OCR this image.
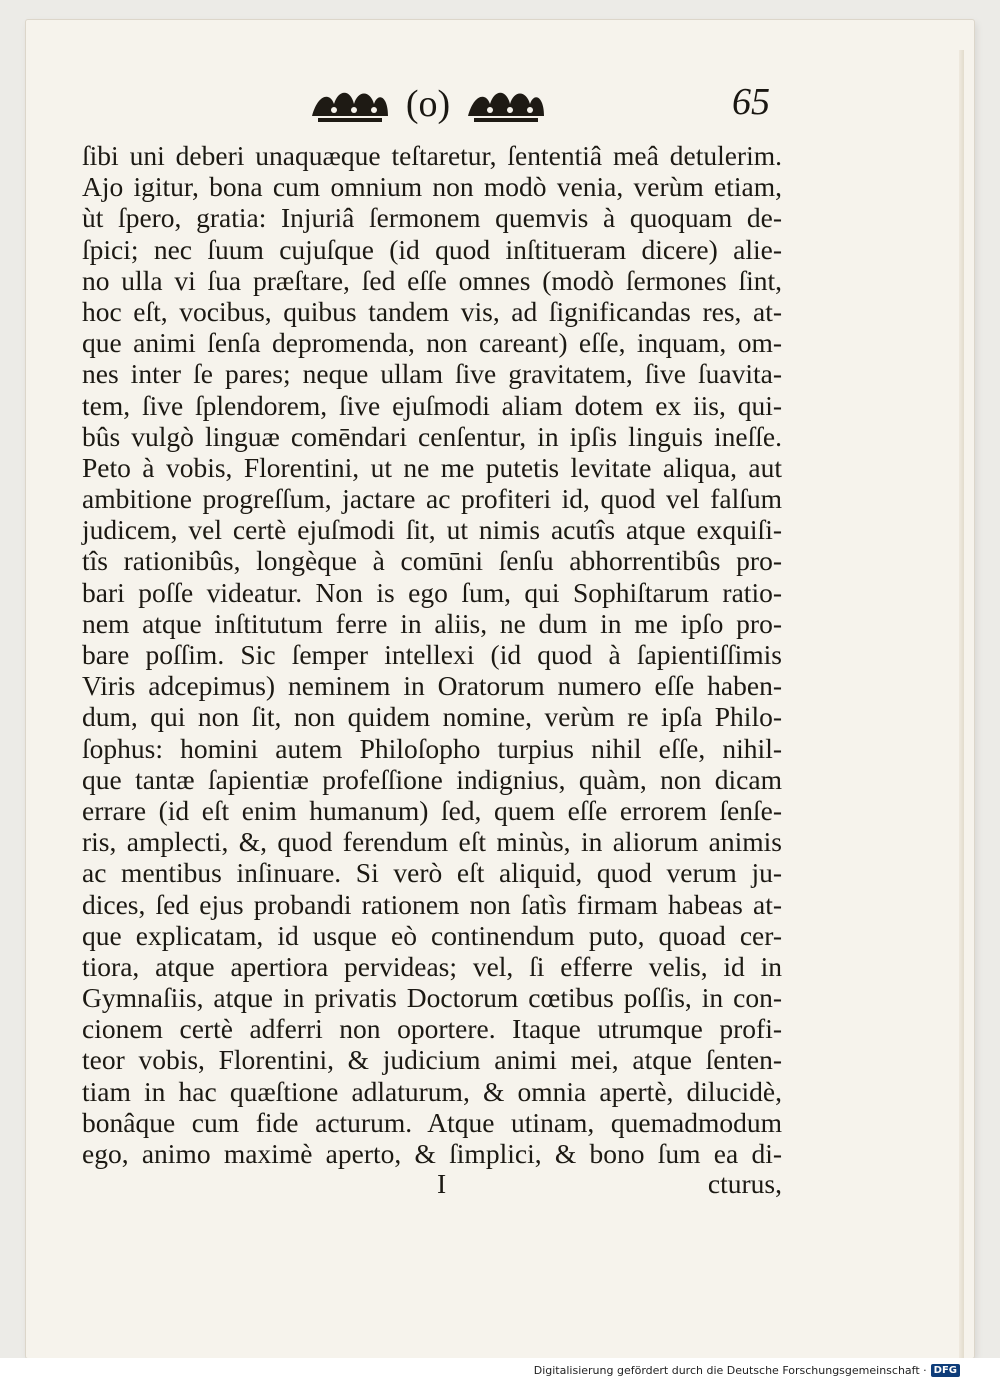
(o)	65
ſibi uni deberi unaquæque teſtaretur, ſententiâ meâ detulerim.
Ajo igitur, bona cum omnium non modò venia, verùm etiam,
ùt ſpero, gratia: Injuriâ ſermonem quemvis à quoquam de-
ſpici; nec ſuum cujuſque (id quod inſtitueram dicere) alie-
no ulla vi ſua præſtare, ſed eſſe omnes (modò ſermones ſint,
hoc eſt, vocibus, quibus tandem vis, ad ſignificandas res, at-
que animi ſenſa depromenda, non careant) eſſe, inquam, om-
nes inter ſe pares; neque ullam ſive gravitatem, ſive ſuavita-
tem, ſive ſplendorem, ſive ejuſmodi aliam dotem ex iis, qui-
bûs vulgò linguæ comēndari cenſentur, in ipſis linguis ineſſe.
Peto à vobis, Florentini, ut ne me putetis levitate aliqua, aut
ambitione progreſſum, jactare ac profiteri id, quod vel falſum
judicem, vel certè ejuſmodi ſit, ut nimis acutîs atque exquiſi-
tîs rationibûs, longèque à comūni ſenſu abhorrentibûs pro-
bari poſſe videatur. Non is ego ſum, qui Sophiſtarum ratio-
nem atque inſtitutum ferre in aliis, ne dum in me ipſo pro-
bare poſſim. Sic ſemper intellexi (id quod à ſapientiſſimis
Viris adcepimus) neminem in Oratorum numero eſſe haben-
dum, qui non ſit, non quidem nomine, verùm re ipſa Philo-
ſophus: homini autem Philoſopho turpius nihil eſſe, nihil-
que tantæ ſapientiæ profeſſione indignius, quàm, non dicam
errare (id eſt enim humanum) ſed, quem eſſe errorem ſenſe-
ris, amplecti, &, quod ferendum eſt minùs, in aliorum animis
ac mentibus inſinuare. Si verò eſt aliquid, quod verum ju-
dices, ſed ejus probandi rationem non ſatìs firmam habeas at-
que explicatam, id usque eò continendum puto, quoad cer-
tiora, atque apertiora pervideas; vel, ſi efferre velis, id in
Gymnaſiis, atque in privatis Doctorum cœtibus poſſis, in con-
cionem certè adferri non oportere. Itaque utrumque profi-
teor vobis, Florentini, & judicium animi mei, atque ſenten-
tiam in hac quæſtione adlaturum, & omnia apertè, dilucidè,
bonâque cum fide acturum. Atque utinam, quemadmodum
ego, animo maximè aperto, & ſimplici, & bono ſum ea di-
I	cturus,
Digitalisierung gefördert durch die Deutsche Forschungsgemeinschaft · DFG
